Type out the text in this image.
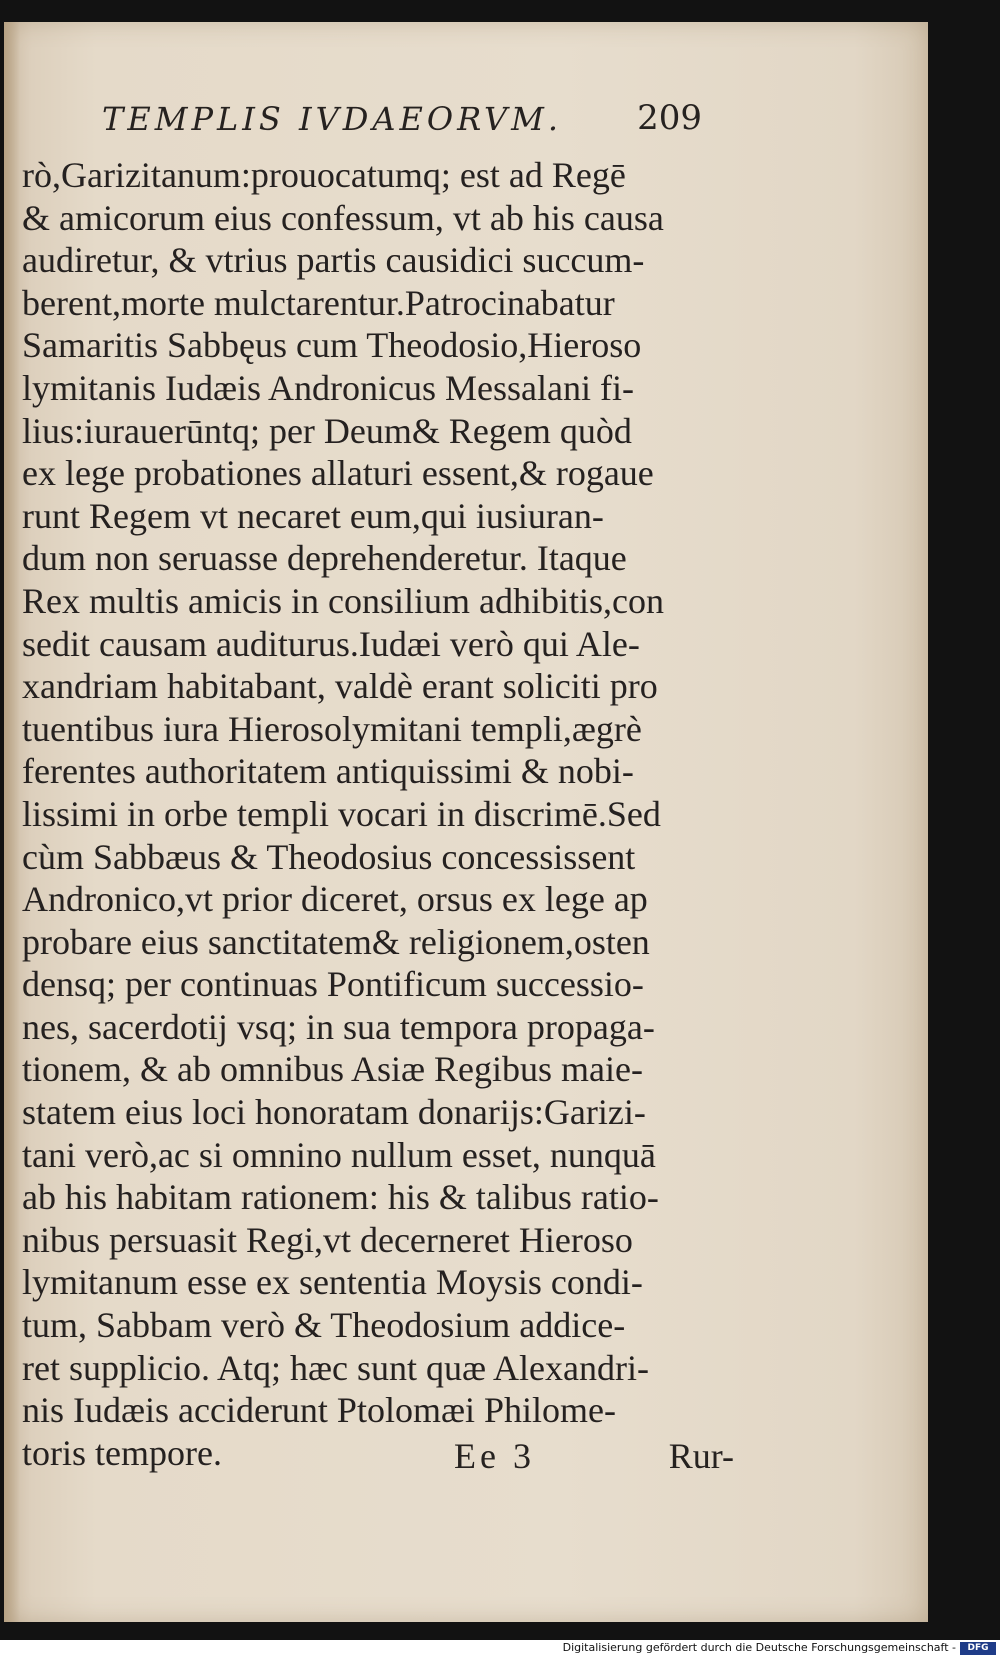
TEMPLIS IVDAEORVM. 209
rò,Garizitanum:prouocatumq; est ad Regē
& amicorum eius confessum, vt ab his causa
audiretur, & vtrius partis causidici succum-
berent,morte mulctarentur.Patrocinabatur
Samaritis Sabbęus cum Theodosio,Hieroso
lymitanis Iudæis Andronicus Messalani fi-
lius:iurauerūntq; per Deum& Regem quòd
ex lege probationes allaturi essent,& rogaue
runt Regem vt necaret eum,qui iusiuran-
dum non seruasse deprehenderetur. Itaque
Rex multis amicis in consilium adhibitis,con
sedit causam auditurus.Iudæi verò qui Ale-
xandriam habitabant, valdè erant soliciti pro
tuentibus iura Hierosolymitani templi,ægrè
ferentes authoritatem antiquissimi & nobi-
lissimi in orbe templi vocari in discrimē.Sed
cùm Sabbæus & Theodosius concessissent
Andronico,vt prior diceret, orsus ex lege ap
probare eius sanctitatem& religionem,osten
densq; per continuas Pontificum successio-
nes, sacerdotij vsq; in sua tempora propaga-
tionem, & ab omnibus Asiæ Regibus maie-
statem eius loci honoratam donarijs:Garizi-
tani verò,ac si omnino nullum esset, nunquā
ab his habitam rationem: his & talibus ratio-
nibus persuasit Regi,vt decerneret Hieroso
lymitanum esse ex sententia Moysis condi-
tum, Sabbam verò & Theodosium addice-
ret supplicio. Atq; hæc sunt quæ Alexandri-
nis Iudæis acciderunt Ptolomæi Philome-
toris tempore.	Ee 3	Rur-
Digitalisierung gefördert durch die Deutsche Forschungsgemeinschaft -	DFG
